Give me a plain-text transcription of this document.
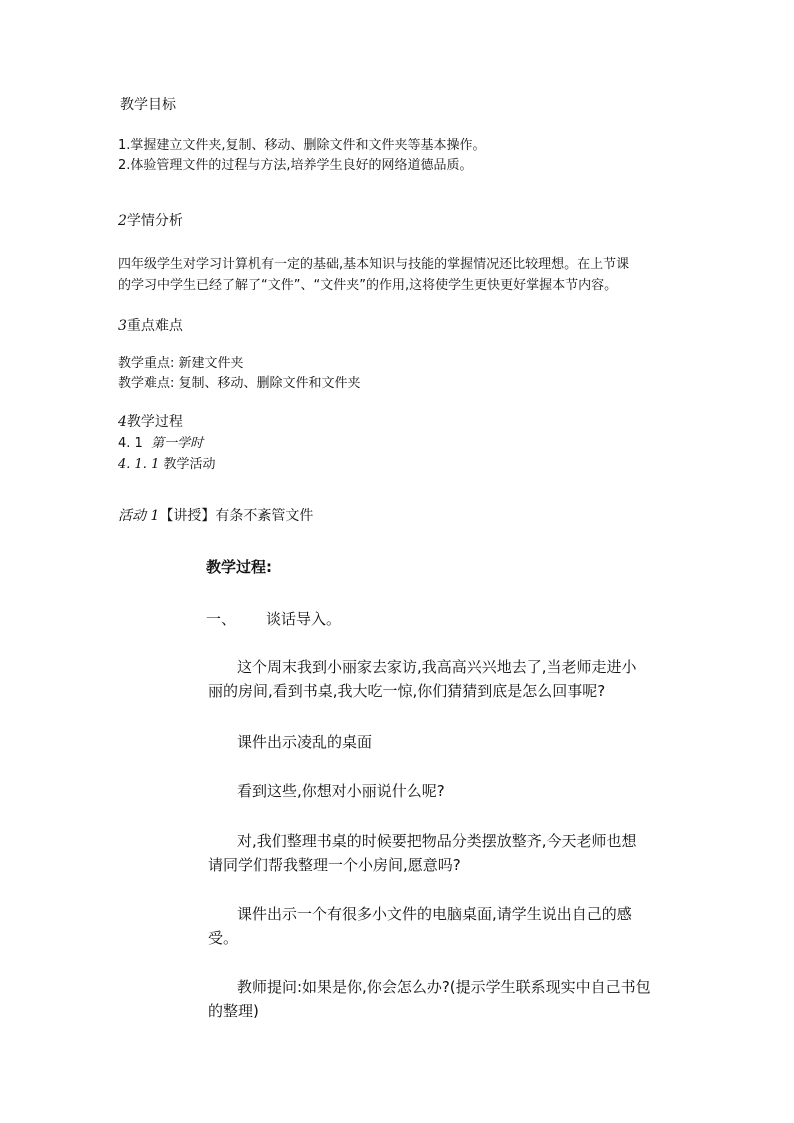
教学目标
1.掌握建立文件夹,复制、移动、删除文件和文件夹等基本操作。
2.体验管理文件的过程与方法,培养学生良好的网络道德品质。
2学情分析
四年级学生对学习计算机有一定的基础,基本知识与技能的掌握情况还比较理想。在上节课
的学习中学生已经了解了“文件”、“文件夹”的作用,这将使学生更快更好掌握本节内容。
3重点难点
教学重点: 新建文件夹
教学难点: 复制、移动、删除文件和文件夹
4教学过程
4. 1 第一学时
4. 1. 1 教学活动
活动 1【讲授】有条不紊管文件
教学过程:
一、 谈话导入。
这个周末我到小丽家去家访,我高高兴兴地去了,当老师走进小
丽的房间,看到书桌,我大吃一惊,你们猜猜到底是怎么回事呢?
课件出示凌乱的桌面
看到这些,你想对小丽说什么呢?
对,我们整理书桌的时候要把物品分类摆放整齐,今天老师也想
请同学们帮我整理一个小房间,愿意吗?
课件出示一个有很多小文件的电脑桌面,请学生说出自己的感
受。
教师提问:如果是你,你会怎么办?(提示学生联系现实中自己书包
的整理)
